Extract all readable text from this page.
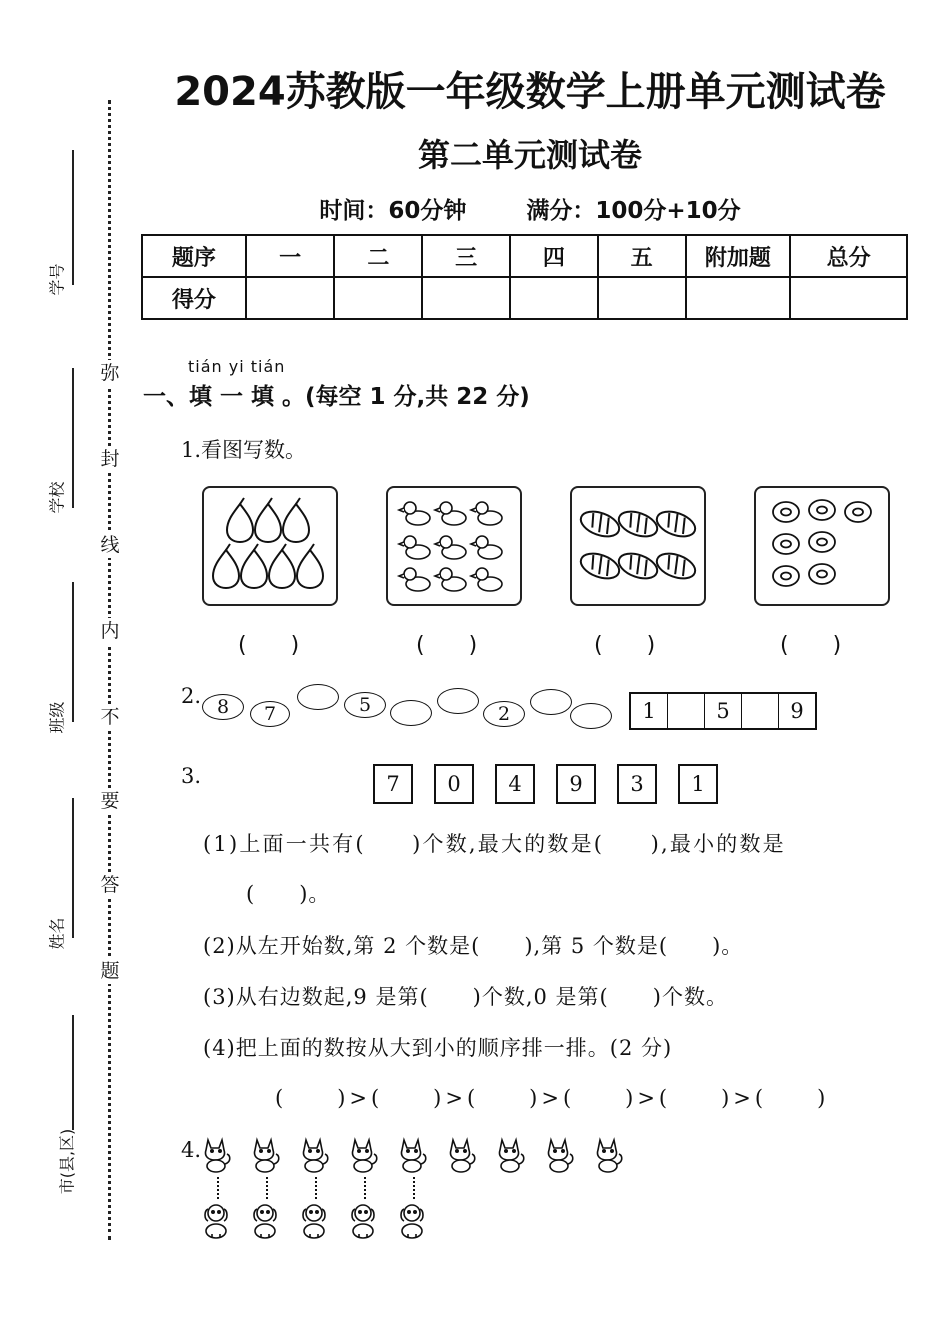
弥
封
线
内
不
要
答
题
学号
学校
班级
姓名
市(县,区)
2024苏教版一年级数学上册单元测试卷
第二单元测试卷
时间：60分钟	满分：100分+10分
题序	一	二	三	四	五	附加题	总分
得分							
tián yi tián
一、填 一 填 。(每空 1 分,共 22 分)
1.看图写数。
(　　)	(　　)	(　　)	(　　)
2. 8	7	5	2	1	5	9
3.	7	0	4	9	3	1
(1)上面一共有(　　)个数,最大的数是(　　),最小的数是
(　　)。
(2)从左开始数,第 2 个数是(　　),第 5 个数是(　　)。
(3)从右边数起,9 是第(　　)个数,0 是第(　　)个数。
(4)把上面的数按从大到小的顺序排一排。(2 分)
(　　)>(　　)>(　　)>(　　)>(　　)>(　　)
4.
